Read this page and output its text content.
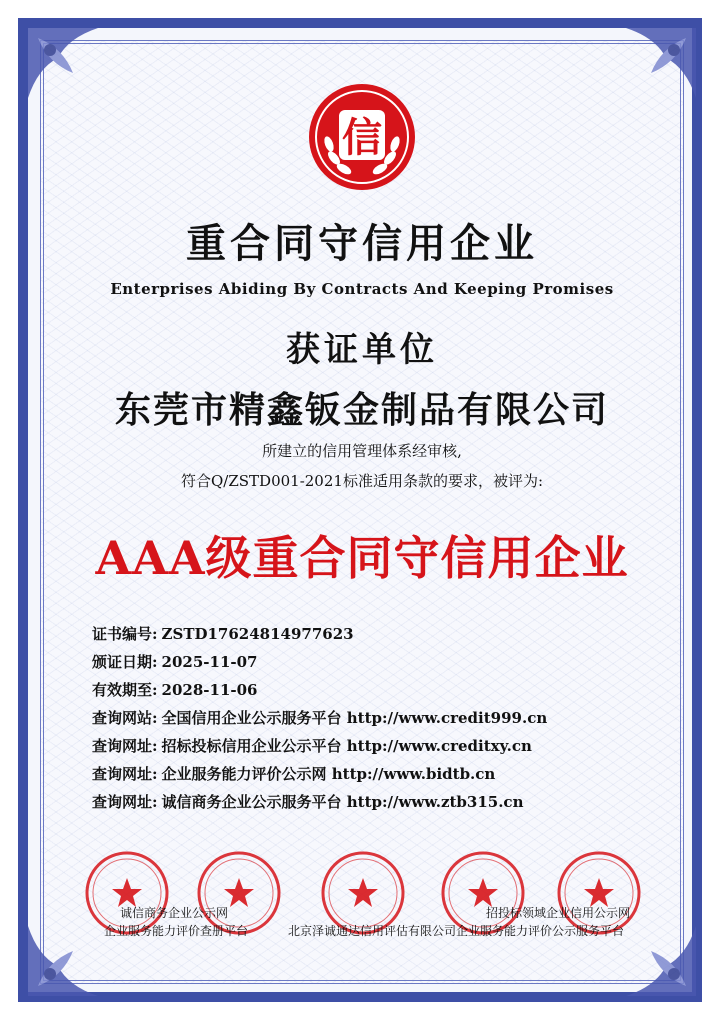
信
重合同守信用企业
Enterprises Abiding By Contracts And Keeping Promises
获证单位
东莞市精鑫钣金制品有限公司
所建立的信用管理体系经审核,
符合Q/ZSTD001-2021标准适用条款的要求，被评为:
AAA级重合同守信用企业
证书编号: ZSTD17624814977623
颁证日期: 2025-11-07
有效期至: 2028-11-06
查询网站: 全国信用企业公示服务平台 http://www.credit999.cn
查询网址: 招标投标信用企业公示平台 http://www.creditxy.cn
查询网址: 企业服务能力评价公示网 http://www.bidtb.cn
查询网址: 诚信商务企业公示服务平台 http://www.ztb315.cn
诚信商务企业公示网
企业服务能力评价查册平台	北京泽诚通达信用评估有限公司
招投标领域企业信用公示网
企业服务能力评价公示服务平台
